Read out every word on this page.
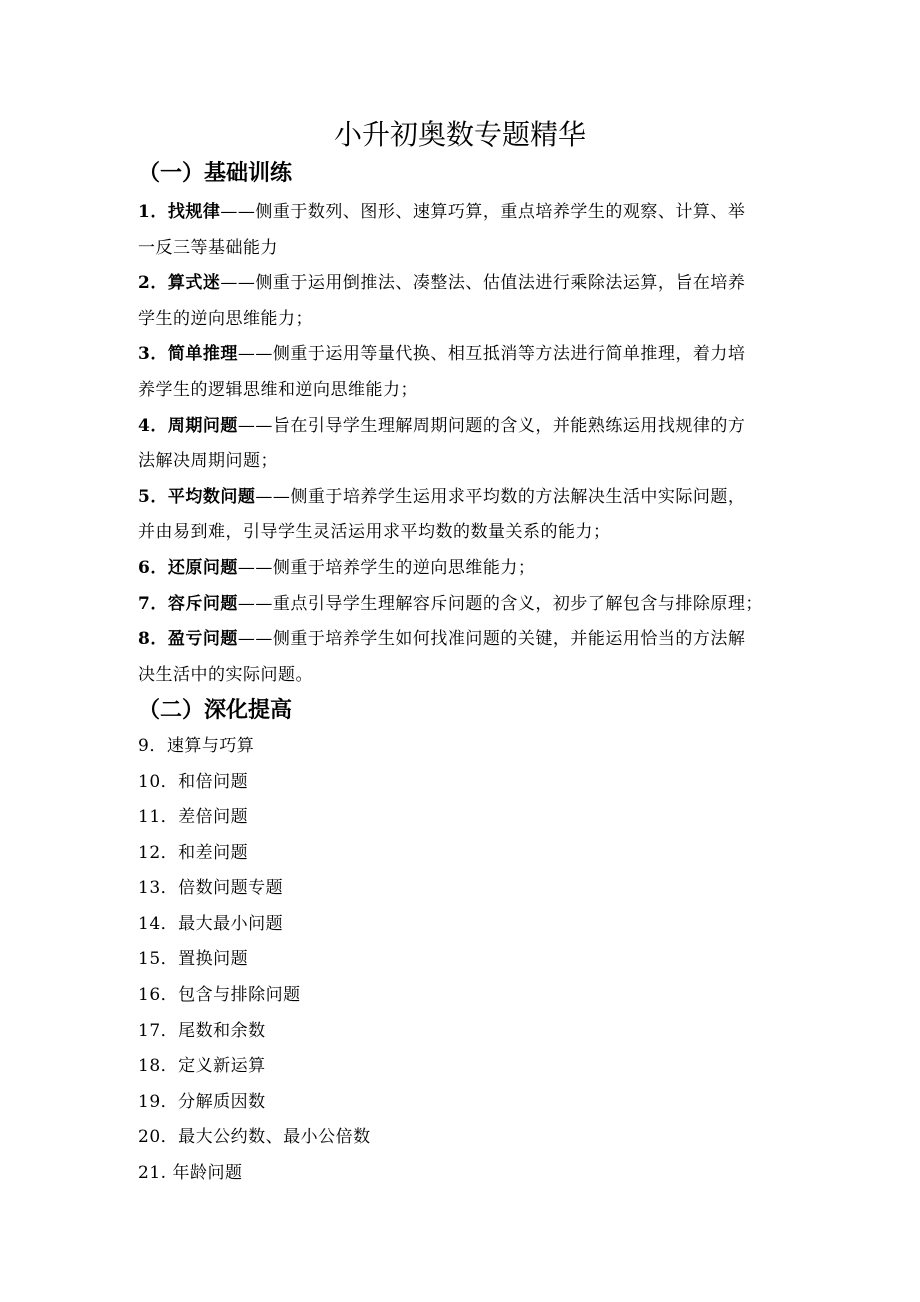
小升初奥数专题精华
（一）基础训练
1．找规律——侧重于数列、图形、速算巧算，重点培养学生的观察、计算、举
一反三等基础能力
2．算式迷——侧重于运用倒推法、凑整法、估值法进行乘除法运算，旨在培养
学生的逆向思维能力；
3．简单推理——侧重于运用等量代换、相互抵消等方法进行简单推理，着力培
养学生的逻辑思维和逆向思维能力；
4．周期问题——旨在引导学生理解周期问题的含义，并能熟练运用找规律的方
法解决周期问题；
5．平均数问题——侧重于培养学生运用求平均数的方法解决生活中实际问题，
并由易到难，引导学生灵活运用求平均数的数量关系的能力；
6．还原问题——侧重于培养学生的逆向思维能力；
7．容斥问题——重点引导学生理解容斥问题的含义，初步了解包含与排除原理；
8．盈亏问题——侧重于培养学生如何找准问题的关键，并能运用恰当的方法解
决生活中的实际问题。
（二）深化提高
9．速算与巧算
10．和倍问题
11．差倍问题
12．和差问题
13．倍数问题专题
14．最大最小问题
15．置换问题
16．包含与排除问题
17．尾数和余数
18．定义新运算
19．分解质因数
20．最大公约数、最小公倍数
21. 年龄问题
